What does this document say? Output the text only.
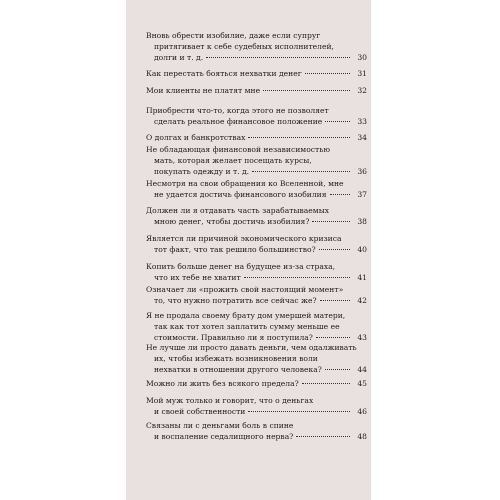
Вновь обрести изобилие, даже если супруг
притягивает к себе судебных исполнителей,
долги и т. д.	30
Как перестать бояться нехватки денег	31
Мои клиенты не платят мне	32
Приобрести что-то, когда этого не позволяет
сделать реальное финансовое положение	33
О долгах и банкротствах	34
Не обладающая финансовой независимостью
мать, которая желает посещать курсы,
покупать одежду и т. д.	36
Несмотря на свои обращения ко Вселенной, мне
не удается достичь финансового изобилия	37
Должен ли я отдавать часть зарабатываемых
мною денег, чтобы достичь изобилия?	38
Является ли причиной экономического кризиса
тот факт, что так решило большинство?	40
Копить больше денег на будущее из-за страха,
что их тебе не хватит	41
Означает ли «прожить свой настоящий момент»
то, что нужно потратить все сейчас же?	42
Я не продала своему брату дом умершей матери,
так как тот хотел заплатить сумму меньше ее
стоимости. Правильно ли я поступила?	43
Не лучше ли просто давать деньги, чем одалживать
их, чтобы избежать возникновения воли
нехватки в отношении другого человека?	44
Можно ли жить без всякого предела?	45
Мой муж только и говорит, что о деньгах
и своей собственности	46
Связаны ли с деньгами боль в спине
и воспаление седалищного нерва?	48
